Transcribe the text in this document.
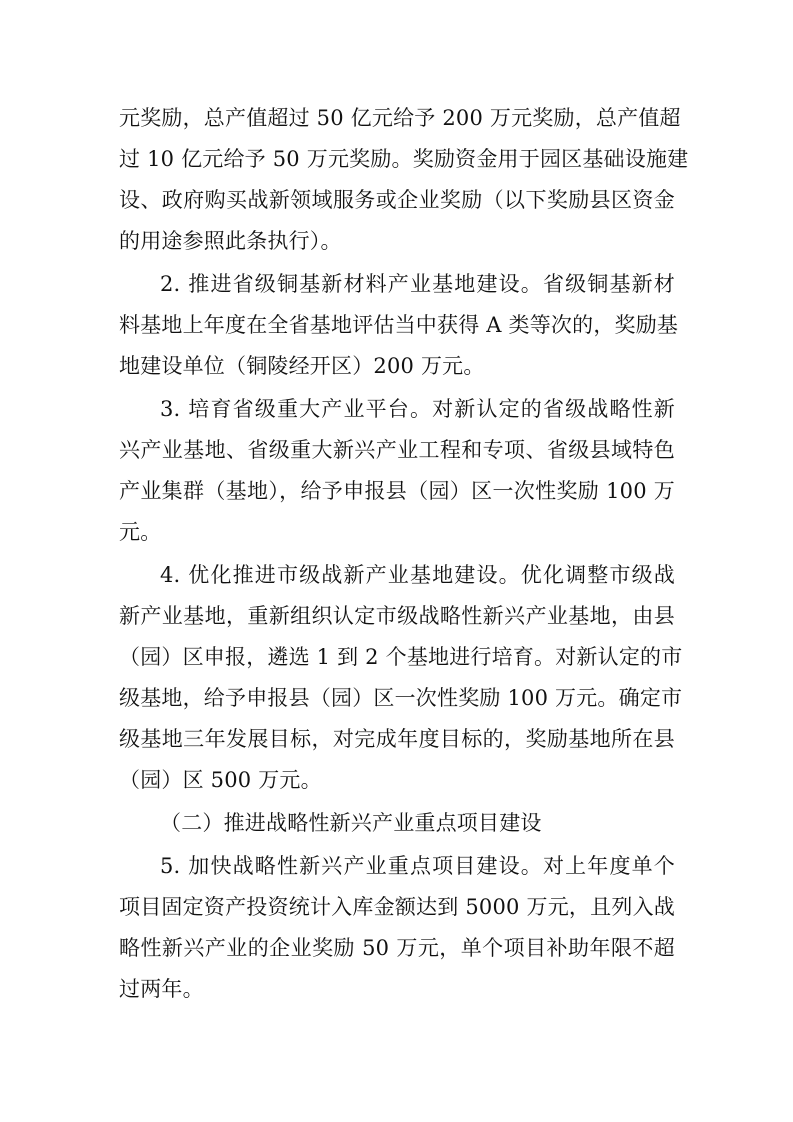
元奖励，总产值超过 50 亿元给予 200 万元奖励，总产值超
过 10 亿元给予 50 万元奖励。奖励资金用于园区基础设施建
设、政府购买战新领域服务或企业奖励（以下奖励县区资金
的用途参照此条执行）。
2. 推进省级铜基新材料产业基地建设。省级铜基新材
料基地上年度在全省基地评估当中获得 A 类等次的，奖励基
地建设单位（铜陵经开区）200 万元。
3. 培育省级重大产业平台。对新认定的省级战略性新
兴产业基地、省级重大新兴产业工程和专项、省级县域特色
产业集群（基地），给予申报县（园）区一次性奖励 100 万
元。
4. 优化推进市级战新产业基地建设。优化调整市级战
新产业基地，重新组织认定市级战略性新兴产业基地，由县
（园）区申报，遴选 1 到 2 个基地进行培育。对新认定的市
级基地，给予申报县（园）区一次性奖励 100 万元。确定市
级基地三年发展目标，对完成年度目标的，奖励基地所在县
（园）区 500 万元。
（二）推进战略性新兴产业重点项目建设
5. 加快战略性新兴产业重点项目建设。对上年度单个
项目固定资产投资统计入库金额达到 5000 万元，且列入战
略性新兴产业的企业奖励 50 万元，单个项目补助年限不超
过两年。
